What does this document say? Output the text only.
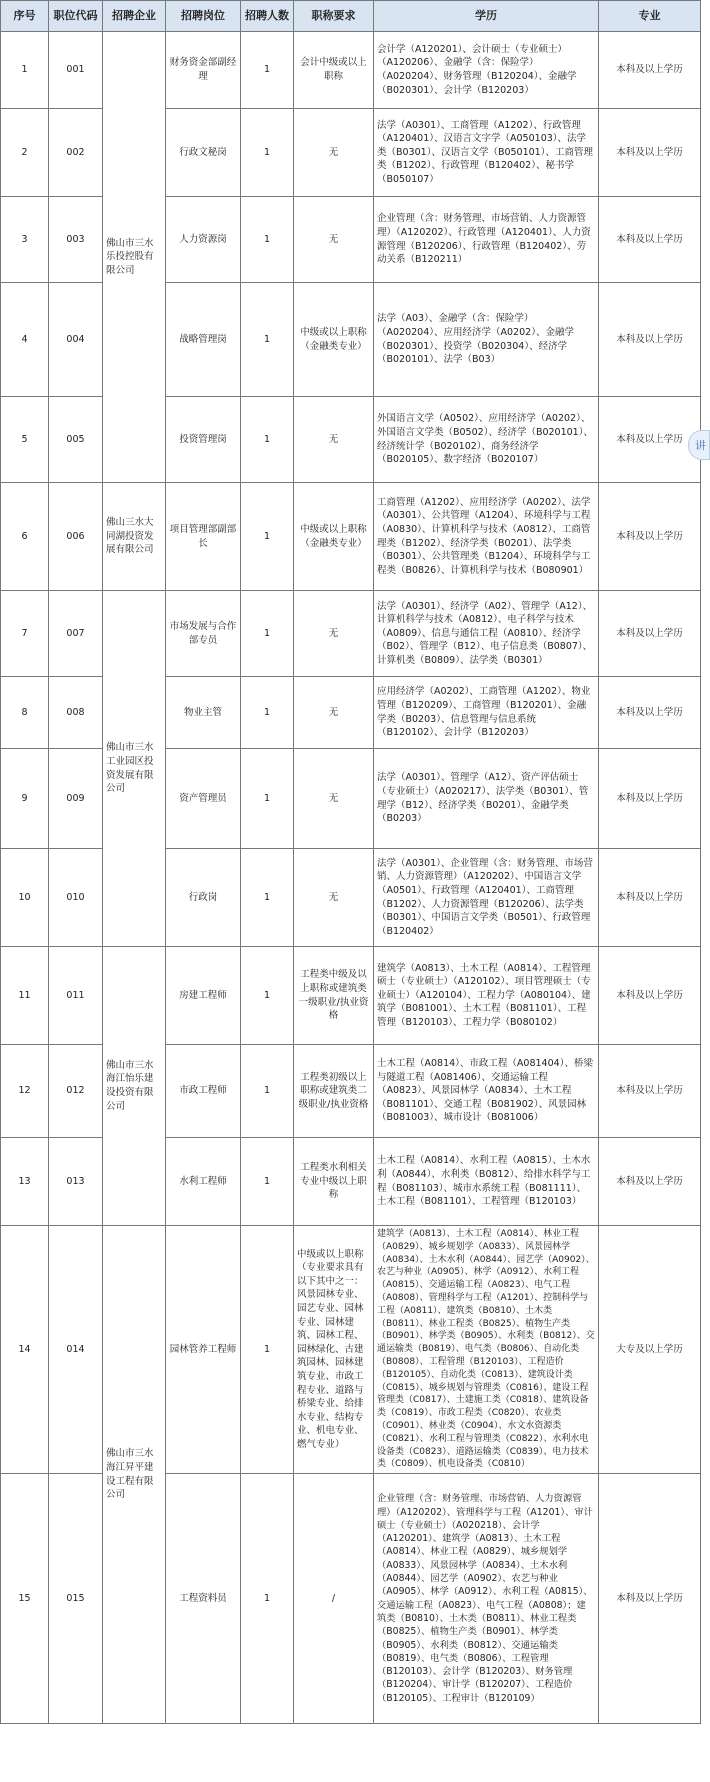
序号	职位代码	招聘企业	招聘岗位	招聘人数	职称要求	学历	专业
1	001	佛山市三水乐投控股有限公司	财务资金部副经理	1	会计中级或以上职称	会计学（A120201）、会计硕士（专业硕士）（A120206）、金融学（含：保险学）（A020204）、财务管理（B120204）、金融学（B020301）、会计学（B120203）	本科及以上学历
2	002		行政文秘岗	1	无	法学（A0301）、工商管理（A1202）、行政管理（A120401）、汉语言文字学（A050103）、法学类（B0301）、汉语言文学（B050101）、工商管理类（B1202）、行政管理（B120402）、秘书学（B050107）	本科及以上学历
3	003		人力资源岗	1	无	企业管理（含：财务管理、市场营销、人力资源管理）（A120202）、行政管理（A120401）、人力资源管理（B120206）、行政管理（B120402）、劳动关系（B120211）	本科及以上学历
4	004		战略管理岗	1	中级或以上职称（金融类专业）	法学（A03）、金融学（含：保险学）（A020204）、应用经济学（A0202）、金融学（B020301）、投资学（B020304）、经济学（B020101）、法学（B03）	本科及以上学历
5	005		投资管理岗	1	无	外国语言文学（A0502）、应用经济学（A0202）、外国语言文学类（B0502）、经济学（B020101）、经济统计学（B020102）、商务经济学（B020105）、数字经济（B020107）	本科及以上学历
6	006	佛山三水大同湖投资发展有限公司	项目管理部副部长	1	中级或以上职称（金融类专业）	工商管理（A1202）、应用经济学（A0202）、法学（A0301）、公共管理（A1204）、环境科学与工程（A0830）、计算机科学与技术（A0812）、工商管理类（B1202）、经济学类（B0201）、法学类（B0301）、公共管理类（B1204）、环境科学与工程类（B0826）、计算机科学与技术（B080901）	本科及以上学历
7	007	佛山市三水工业园区投资发展有限公司	市场发展与合作部专员	1	无	法学（A0301）、经济学（A02）、管理学（A12）、计算机科学与技术（A0812）、电子科学与技术（A0809）、信息与通信工程（A0810）、经济学（B02）、管理学（B12）、电子信息类（B0807）、计算机类（B0809）、法学类（B0301）	本科及以上学历
8	008		物业主管	1	无	应用经济学（A0202）、工商管理（A1202）、物业管理（B120209）、工商管理（B120201）、金融学类（B0203）、信息管理与信息系统（B120102）、会计学（B120203）	本科及以上学历
9	009		资产管理员	1	无	法学（A0301）、管理学（A12）、资产评估硕士（专业硕士）（A020217）、法学类（B0301）、管理学（B12）、经济学类（B0201）、金融学类（B0203）	本科及以上学历
10	010		行政岗	1	无	法学（A0301）、企业管理（含：财务管理、市场营销、人力资源管理）（A120202）、中国语言文学（A0501）、行政管理（A120401）、工商管理（B1202）、人力资源管理（B120206）、法学类（B0301）、中国语言文学类（B0501）、行政管理（B120402）	本科及以上学历
11	011	佛山市三水海江怡乐建设投资有限公司	房建工程师	1	工程类中级及以上职称或建筑类一级职业/执业资格	建筑学（A0813）、土木工程（A0814）、工程管理硕士（专业硕士）（A120102）、项目管理硕士（专业硕士）（A120104）、工程力学（A080104）、建筑学（B081001）、土木工程（B081101）、工程管理（B120103）、工程力学（B080102）	本科及以上学历
12	012		市政工程师	1	工程类初级以上职称或建筑类二级职业/执业资格	土木工程（A0814）、市政工程（A081404）、桥梁与隧道工程（A081406）、交通运输工程（A0823）、风景园林学（A0834）、土木工程（B081101）、交通工程（B081902）、风景园林（B081003）、城市设计（B081006）	本科及以上学历
13	013		水利工程师	1	工程类水利相关专业中级以上职称	土木工程（A0814）、水利工程（A0815）、土木水利（A0844）、水利类（B0812）、给排水科学与工程（B081103）、城市水系统工程（B081111）、土木工程（B081101）、工程管理（B120103）	本科及以上学历
14	014	佛山市三水海江昇平建设工程有限公司	园林管养工程师	1	中级或以上职称（专业要求具有以下其中之一：风景园林专业、园艺专业、园林专业、园林建筑、园林工程、园林绿化、古建筑园林、园林建筑专业、市政工程专业、道路与桥梁专业、给排水专业、结构专业、机电专业、燃气专业）	建筑学（A0813）、土木工程（A0814）、林业工程（A0829）、城乡规划学（A0833）、风景园林学（A0834）、土木水利（A0844）、园艺学（A0902）、农艺与种业（A0905）、林学（A0912）、水利工程（A0815）、交通运输工程（A0823）、电气工程（A0808）、管理科学与工程（A1201）、控制科学与工程（A0811）、建筑类（B0810）、土木类（B0811）、林业工程类（B0825）、植物生产类（B0901）、林学类（B0905）、水利类（B0812）、交通运输类（B0819）、电气类（B0806）、自动化类（B0808）、工程管理（B120103）、工程造价（B120105）、自动化类（C0813）、建筑设计类（C0815）、城乡规划与管理类（C0816）、建设工程管理类（C0817）、土建施工类（C0818）、建筑设备类（C0819）、市政工程类（C0820）、农业类（C0901）、林业类（C0904）、水文水资源类（C0821）、水利工程与管理类（C0822）、水利水电设备类（C0823）、道路运输类（C0839）、电力技术类（C0809）、机电设备类（C0810）	大专及以上学历
15	015		工程资料员	1	/	企业管理（含：财务管理、市场营销、人力资源管理）（A120202）、管理科学与工程（A1201）、审计硕士（专业硕士）（A020218）、会计学（A120201）、建筑学（A0813）、土木工程（A0814）、林业工程（A0829）、城乡规划学（A0833）、风景园林学（A0834）、土木水利（A0844）、园艺学（A0902）、农艺与种业（A0905）、林学（A0912）、水利工程（A0815）、交通运输工程（A0823）、电气工程（A0808）；建筑类（B0810）、土木类（B0811）、林业工程类（B0825）、植物生产类（B0901）、林学类（B0905）、水利类（B0812）、交通运输类（B0819）、电气类（B0806）、工程管理（B120103）、会计学（B120203）、财务管理（B120204）、审计学（B120207）、工程造价（B120105）、工程审计（B120109）	本科及以上学历
讲
